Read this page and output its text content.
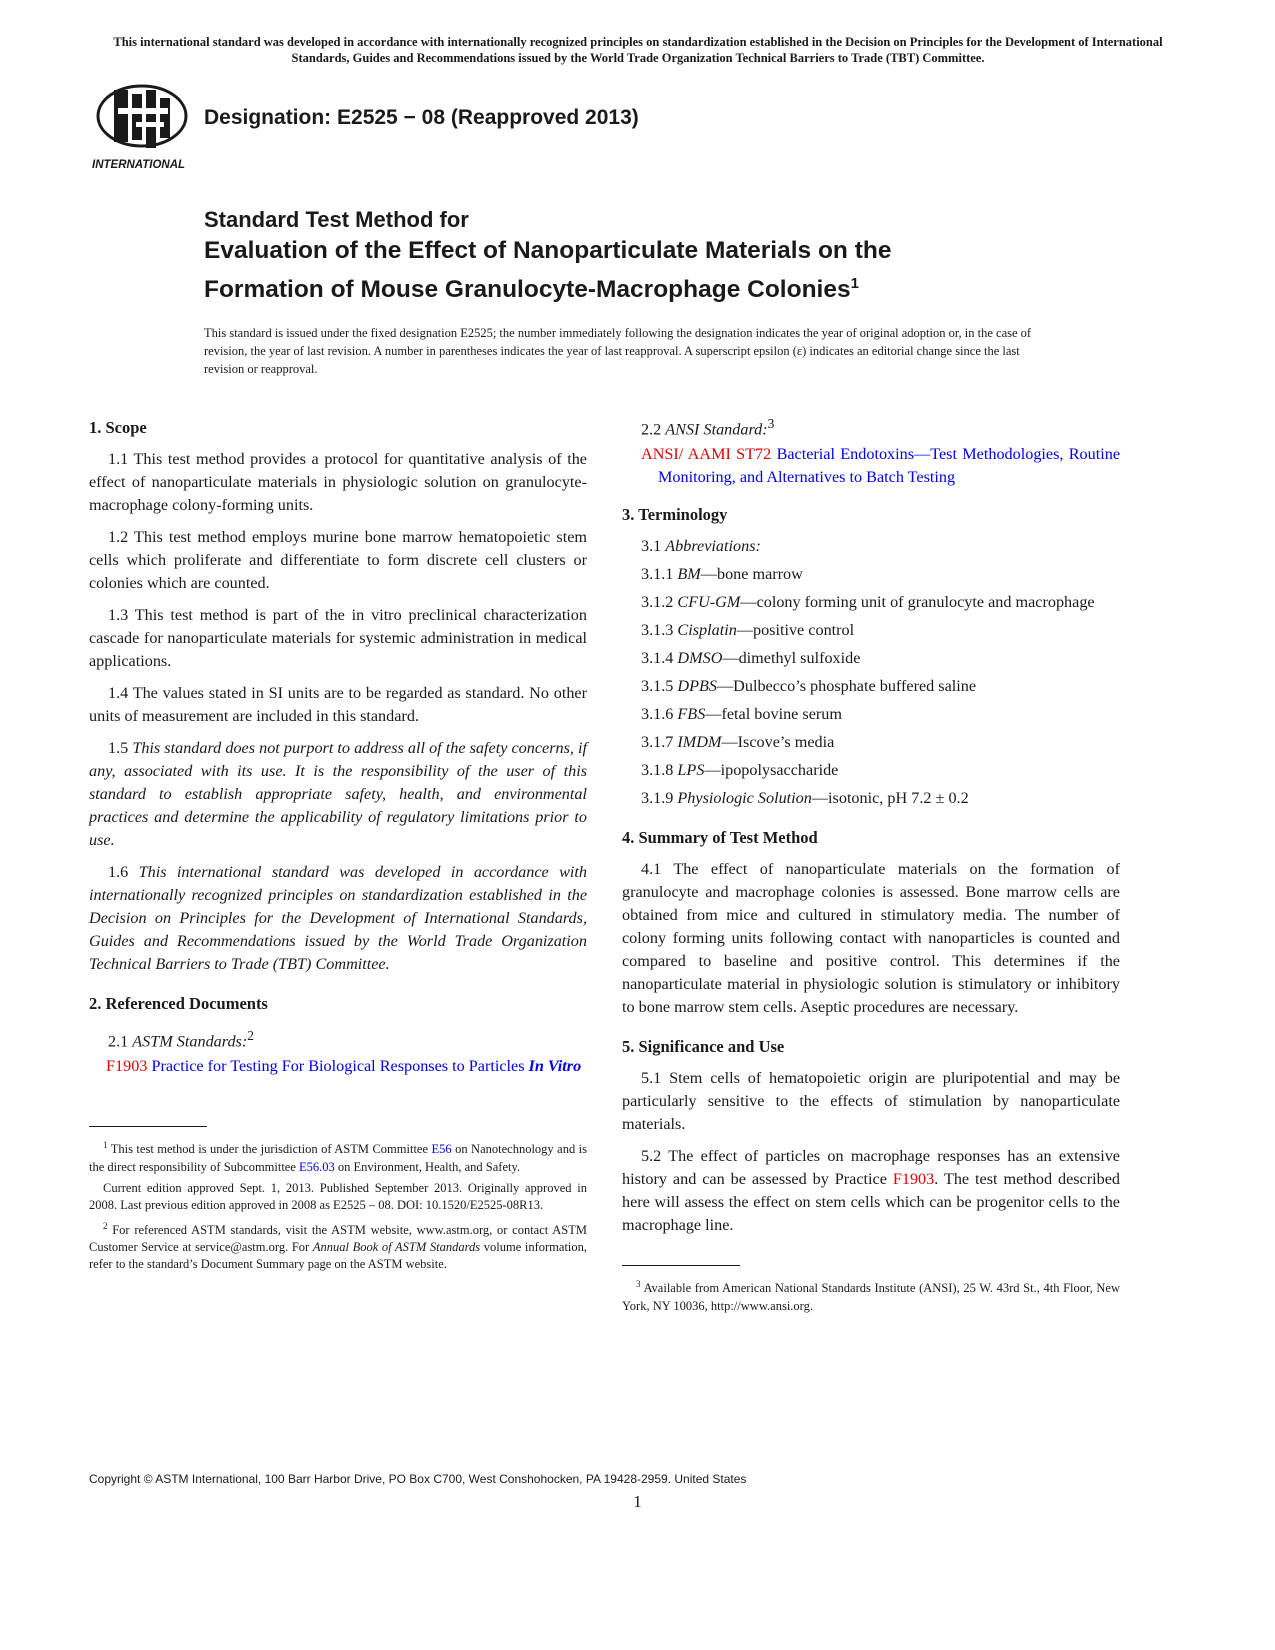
This international standard was developed in accordance with internationally recognized principles on standardization established in the Decision on Principles for the Development of International Standards, Guides and Recommendations issued by the World Trade Organization Technical Barriers to Trade (TBT) Committee.
INTERNATIONAL
Designation: E2525 − 08 (Reapproved 2013)
Standard Test Method for
Evaluation of the Effect of Nanoparticulate Materials on the
Formation of Mouse Granulocyte-Macrophage Colonies$^1$
This standard is issued under the fixed designation E2525; the number immediately following the designation indicates the year of original adoption or, in the case of revision, the year of last revision. A number in parentheses indicates the year of last reapproval. A superscript epsilon (ε) indicates an editorial change since the last revision or reapproval.
1. Scope

1.1 This test method provides a protocol for quantitative analysis of the effect of nanoparticulate materials in physiologic solution on granulocyte-macrophage colony-forming units.

1.2 This test method employs murine bone marrow hematopoietic stem cells which proliferate and differentiate to form discrete cell clusters or colonies which are counted.

1.3 This test method is part of the in vitro preclinical characterization cascade for nanoparticulate materials for systemic administration in medical applications.

1.4 The values stated in SI units are to be regarded as standard. No other units of measurement are included in this standard.

1.5 This standard does not purport to address all of the safety concerns, if any, associated with its use. It is the responsibility of the user of this standard to establish appropriate safety, health, and environmental practices and determine the applicability of regulatory limitations prior to use.

1.6 This international standard was developed in accordance with internationally recognized principles on standardization established in the Decision on Principles for the Development of International Standards, Guides and Recommendations issued by the World Trade Organization Technical Barriers to Trade (TBT) Committee.

2. Referenced Documents

2.1 ASTM Standards:$^2$

F1903 Practice for Testing For Biological Responses to Particles In Vitro
$^1$ This test method is under the jurisdiction of ASTM Committee E56 on Nanotechnology and is the direct responsibility of Subcommittee E56.03 on Environment, Health, and Safety.
Current edition approved Sept. 1, 2013. Published September 2013. Originally approved in 2008. Last previous edition approved in 2008 as E2525 – 08. DOI: 10.1520/E2525-08R13.
$^2$ For referenced ASTM standards, visit the ASTM website, www.astm.org, or contact ASTM Customer Service at service@astm.org. For Annual Book of ASTM Standards volume information, refer to the standard’s Document Summary page on the ASTM website.

2.2 ANSI Standard:$^3$

ANSI/ AAMI ST72 Bacterial Endotoxins—Test Methodologies, Routine Monitoring, and Alternatives to Batch Testing
3. Terminology
3.1 Abbreviations:
3.1.1 BM—bone marrow
3.1.2 CFU-GM—colony forming unit of granulocyte and macrophage
3.1.3 Cisplatin—positive control
3.1.4 DMSO—dimethyl sulfoxide
3.1.5 DPBS—Dulbecco’s phosphate buffered saline
3.1.6 FBS—fetal bovine serum
3.1.7 IMDM—Iscove’s media
3.1.8 LPS—ipopolysaccharide
3.1.9 Physiologic Solution—isotonic, pH 7.2 ± 0.2
4. Summary of Test Method

4.1 The effect of nanoparticulate materials on the formation of granulocyte and macrophage colonies is assessed. Bone marrow cells are obtained from mice and cultured in stimulatory media. The number of colony forming units following contact with nanoparticles is counted and compared to baseline and positive control. This determines if the nanoparticulate material in physiologic solution is stimulatory or inhibitory to bone marrow stem cells. Aseptic procedures are necessary.

5. Significance and Use

5.1 Stem cells of hematopoietic origin are pluripotential and may be particularly sensitive to the effects of stimulation by nanoparticulate materials.

5.2 The effect of particles on macrophage responses has an extensive history and can be assessed by Practice F1903. The test method described here will assess the effect on stem cells which can be progenitor cells to the macrophage line.

$^3$ Available from American National Standards Institute (ANSI), 25 W. 43rd St., 4th Floor, New York, NY 10036, http://www.ansi.org.
Copyright © ASTM International, 100 Barr Harbor Drive, PO Box C700, West Conshohocken, PA 19428-2959. United States
1
